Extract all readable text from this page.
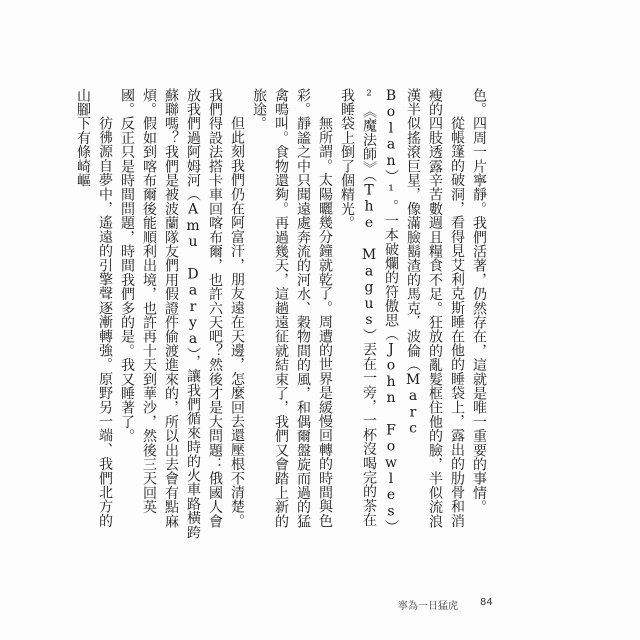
色。四周一片寧靜。我們活著，仍然存在，這就是唯一重要的事情。

從帳篷的破洞，看得見艾利克斯睡在他的睡袋上，露出的肋骨和消瘦的四肢透露辛苦數週且糧食不足。狂放的亂髮框住他的臉，半似流浪漢半似搖滾巨星，像滿臉鬍渣的馬克．波倫（Marc Bolan）¹。一本破爛的符傲思（John Fowles）²《魔法師》（The Magus）丟在一旁，一杯沒喝完的茶在我睡袋上倒了個精光。

無所謂。太陽曬幾分鐘就乾了。周遭的世界是緩慢回轉的時間與色彩。靜謐之中只聞遠處奔流的河水、穀物間的風，和偶爾盤旋而過的猛禽鳴叫。食物還夠。再過幾天，這趟遠征就結束了，我們又會踏上新的旅途。

但此刻我們仍在阿富汗，朋友遠在天邊，怎麼回去還壓根不清楚。我們得設法搭卡車回喀布爾，也許六天吧？然後才是大問題：俄國人會放我們過阿姆河（Amu Darya），讓我們循來時的火車路橫跨蘇聯嗎？我們是被波蘭隊友們用假證件偷渡進來的，所以出去會有點麻煩。假如到喀布爾後能順利出境，也許再十天到華沙，然後三天回英國。反正只是時間問題，時間我們多的是。我又睡著了。

彷彿源自夢中，遙遠的引擎聲逐漸轉強。原野另一端、我們北方的山腳下有條崎嶇

寧為一日猛虎 84
